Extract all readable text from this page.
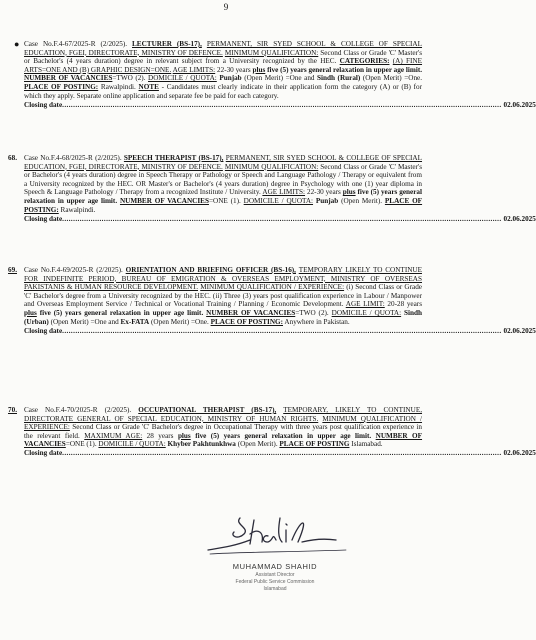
9
● Case No.F.4-67/2025-R (2/2025). LECTURER (BS-17), PERMANENT, SIR SYED SCHOOL & COLLEGE OF SPECIAL EDUCATION, FGEI, DIRECTORATE, MINISTRY OF DEFENCE. MINIMUM QUALIFICATION: Second Class or Grade 'C' Master's or Bachelor's (4 years duration) degree in relevant subject from a University recognized by the HEC. CATEGORIES: (A) FINE ARTS=ONE AND (B) GRAPHIC DESIGN=ONE. AGE LIMITS: 22-30 years plus five (5) years general relaxation in upper age limit. NUMBER OF VACANCIES=TWO (2). DOMICILE / QUOTA: Punjab (Open Merit) =One and Sindh (Rural) (Open Merit) =One. PLACE OF POSTING: Rawalpindi. NOTE - Candidates must clearly indicate in their application form the category (A) or (B) for which they apply. Separate online application and separate fee be paid for each category.

Closing date ........................................................................................................................................................................................................ 02.06.2025
68. Case No.F.4-68/2025-R (2/2025). SPEECH THERAPIST (BS-17), PERMANENT, SIR SYED SCHOOL & COLLEGE OF SPECIAL EDUCATION, FGEI, DIRECTORATE, MINISTRY OF DEFENCE. MINIMUM QUALIFICATION: Second Class or Grade 'C' Master's or Bachelor's (4 years duration) degree in Speech Therapy or Pathology or Speech and Language Pathology / Therapy or equivalent from a University recognized by the HEC. OR Master's or Bachelor's (4 years duration) degree in Psychology with one (1) year diploma in Speech & Language Pathology / Therapy from a recognized Institute / University. AGE LIMITS: 22-30 years plus five (5) years general relaxation in upper age limit. NUMBER OF VACANCIES=ONE (1). DOMICILE / QUOTA: Punjab (Open Merit). PLACE OF POSTING: Rawalpindi.

Closing date ........................................................................................................................................................................................................ 02.06.2025
69. Case No.F.4-69/2025-R (2/2025). ORIENTATION AND BRIEFING OFFICER (BS-16), TEMPORARY LIKELY TO CONTINUE FOR INDEFINITE PERIOD, BUREAU OF EMIGRATION & OVERSEAS EMPLOYMENT, MINISTRY OF OVERSEAS PAKISTANIS & HUMAN RESOURCE DEVELOPMENT. MINIMUM QUALIFICATION / EXPERIENCE: (i) Second Class or Grade 'C' Bachelor's degree from a University recognized by the HEC. (ii) Three (3) years post qualification experience in Labour / Manpower and Overseas Employment Service / Technical or Vocational Training / Planning / Economic Development. AGE LIMIT: 20-28 years plus five (5) years general relaxation in upper age limit. NUMBER OF VACANCIES=TWO (2). DOMICILE / QUOTA: Sindh (Urban) (Open Merit) =One and Ex-FATA (Open Merit) =One. PLACE OF POSTING: Anywhere in Pakistan.

Closing date ........................................................................................................................................................................................................ 02.06.2025
70. Case No.F.4-70/2025-R (2/2025). OCCUPATIONAL THERAPIST (BS-17), TEMPORARY, LIKELY TO CONTINUE, DIRECTORATE GENERAL OF SPECIAL EDUCATION, MINISTRY OF HUMAN RIGHTS. MINIMUM QUALIFICATION / EXPERIENCE: Second Class or Grade 'C' Bachelor's degree in Occupational Therapy with three years post qualification experience in the relevant field. MAXIMUM AGE: 28 years plus five (5) years general relaxation in upper age limit. NUMBER OF VACANCIES=ONE (1). DOMICILE / QUOTA: Khyber Pakhtunkhwa (Open Merit). PLACE OF POSTING Islamabad.

Closing date ........................................................................................................................................................................................................ 02.06.2025
MUHAMMAD SHAHID
Assistant Director
Federal Public Service Commission
Islamabad
